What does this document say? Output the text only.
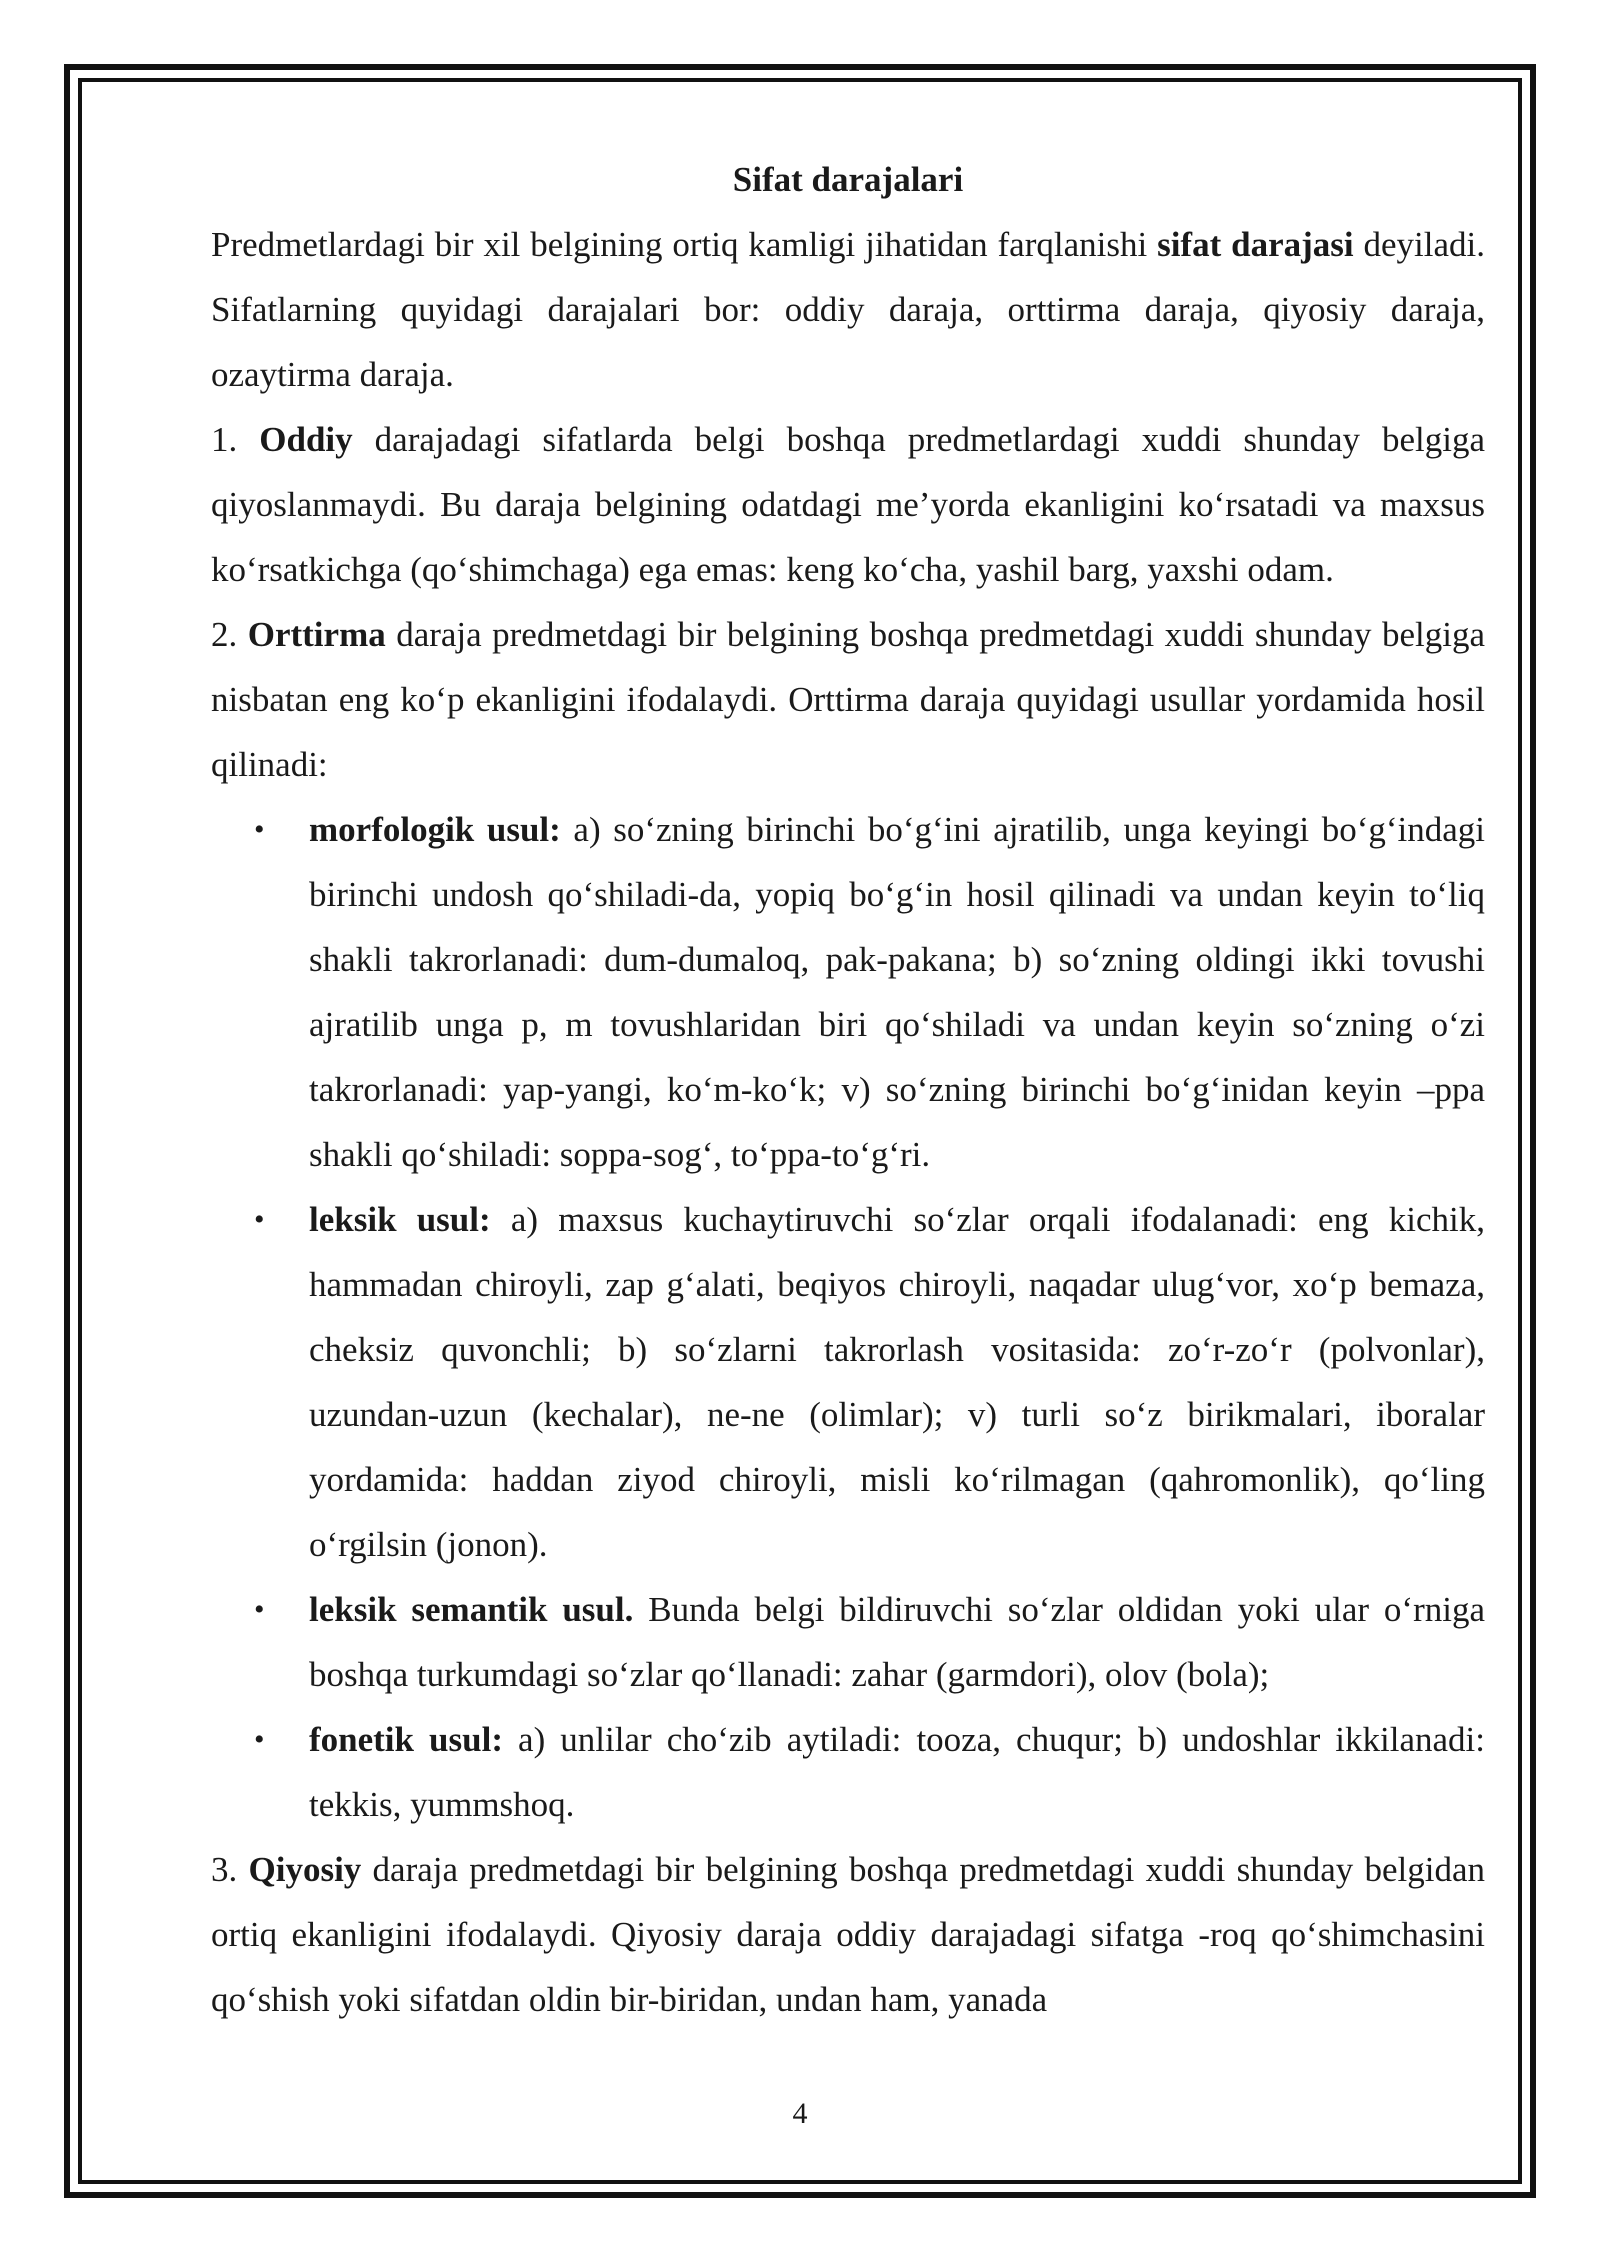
Sifat darajalari

Predmetlardagi bir xil belgining ortiq kamligi jihatidan farqlanishi sifat darajasi deyiladi. Sifatlarning quyidagi darajalari bor: oddiy daraja, orttirma daraja, qiyosiy daraja, ozaytirma daraja.

1. Oddiy darajadagi sifatlarda belgi boshqa predmetlardagi xuddi shunday belgiga qiyoslanmaydi. Bu daraja belgining odatdagi me’yorda ekanligini ko‘rsatadi va maxsus ko‘rsatkichga (qo‘shimchaga) ega emas: keng ko‘cha, yashil barg, yaxshi odam.

2. Orttirma daraja predmetdagi bir belgining boshqa predmetdagi xuddi shunday belgiga nisbatan eng ko‘p ekanligini ifodalaydi. Orttirma daraja quyidagi usullar yordamida hosil qilinadi:

• morfologik usul: a) so‘zning birinchi bo‘g‘ini ajratilib, unga keyingi bo‘g‘indagi birinchi undosh qo‘shiladi-da, yopiq bo‘g‘in hosil qilinadi va undan keyin to‘liq shakli takrorlanadi: dum-dumaloq, pak-pakana; b) so‘zning oldingi ikki tovushi ajratilib unga p, m tovushlaridan biri qo‘shiladi va undan keyin so‘zning o‘zi takrorlanadi: yap-yangi, ko‘m-ko‘k; v) so‘zning birinchi bo‘g‘inidan keyin –ppa shakli qo‘shiladi: soppa-sog‘, to‘ppa-to‘g‘ri.
• leksik usul: a) maxsus kuchaytiruvchi so‘zlar orqali ifodalanadi: eng kichik, hammadan chiroyli, zap g‘alati, beqiyos chiroyli, naqadar ulug‘vor, xo‘p bemaza, cheksiz quvonchli; b) so‘zlarni takrorlash vositasida: zo‘r-zo‘r (polvonlar), uzundan-uzun (kechalar), ne-ne (olimlar); v) turli so‘z birikmalari, iboralar yordamida: haddan ziyod chiroyli, misli ko‘rilmagan (qahromonlik), qo‘ling o‘rgilsin (jonon).
• leksik semantik usul. Bunda belgi bildiruvchi so‘zlar oldidan yoki ular o‘rniga boshqa turkumdagi so‘zlar qo‘llanadi: zahar (garmdori), olov (bola);
• fonetik usul: a) unlilar cho‘zib aytiladi: tooza, chuqur; b) undoshlar ikkilanadi: tekkis, yummshoq.

3. Qiyosiy daraja predmetdagi bir belgining boshqa predmetdagi xuddi shunday belgidan ortiq ekanligini ifodalaydi. Qiyosiy daraja oddiy darajadagi sifatga -roq qo‘shimchasini qo‘shish yoki sifatdan oldin bir-biridan, undan ham, yanada

4
